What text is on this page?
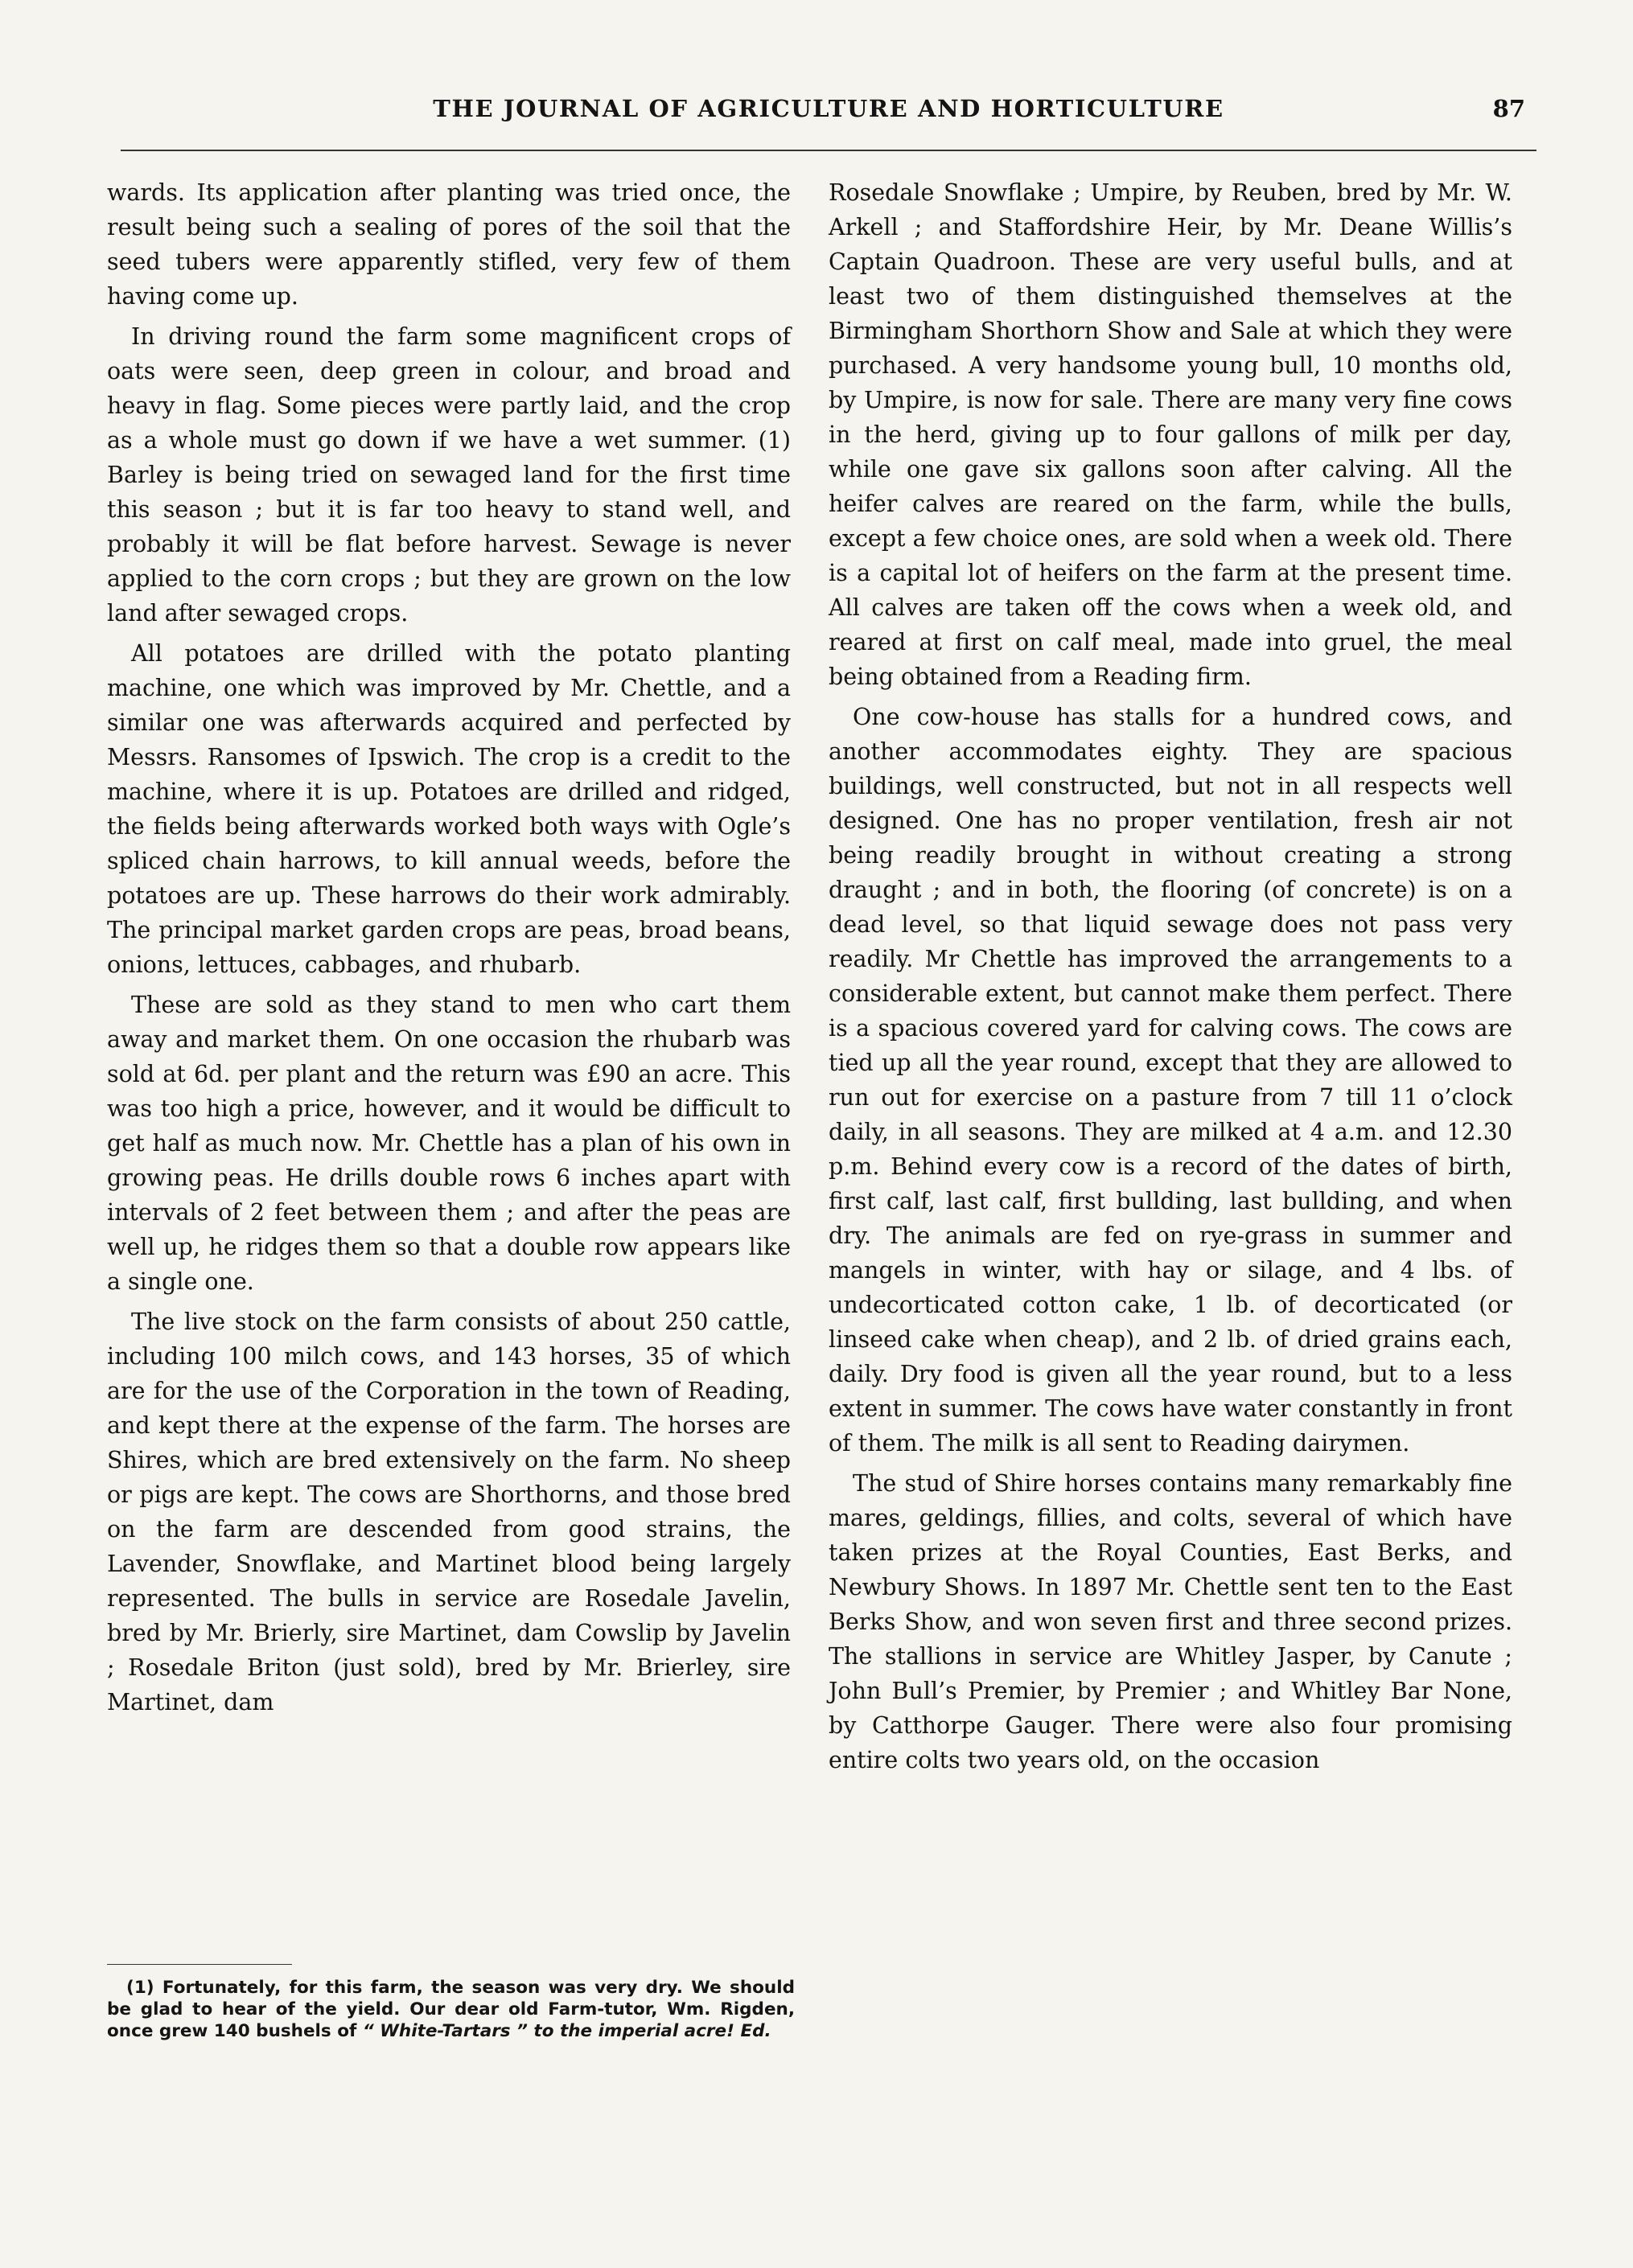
THE JOURNAL OF AGRICULTURE AND HORTICULTURE	87

wards. Its application after planting was tried once, the result being such a sealing of pores of the soil that the seed tubers were apparently stifled, very few of them having come up.

In driving round the farm some magnificent crops of oats were seen, deep green in colour, and broad and heavy in flag. Some pieces were partly laid, and the crop as a whole must go down if we have a wet summer. (1) Barley is being tried on sewaged land for the first time this season ; but it is far too heavy to stand well, and probably it will be flat before harvest. Sewage is never applied to the corn crops ; but they are grown on the low land after sewaged crops.

All potatoes are drilled with the potato planting machine, one which was improved by Mr. Chettle, and a similar one was afterwards acquired and perfected by Messrs. Ransomes of Ipswich. The crop is a credit to the machine, where it is up. Potatoes are drilled and ridged, the fields being afterwards worked both ways with Ogle’s spliced chain harrows, to kill annual weeds, before the potatoes are up. These harrows do their work admirably. The principal market garden crops are peas, broad beans, onions, lettuces, cabbages, and rhubarb.

These are sold as they stand to men who cart them away and market them. On one occasion the rhubarb was sold at 6d. per plant and the return was £90 an acre. This was too high a price, however, and it would be difficult to get half as much now. Mr. Chettle has a plan of his own in growing peas. He drills double rows 6 inches apart with intervals of 2 feet between them ; and after the peas are well up, he ridges them so that a double row appears like a single one.

The live stock on the farm consists of about 250 cattle, including 100 milch cows, and 143 horses, 35 of which are for the use of the Corporation in the town of Reading, and kept there at the expense of the farm. The horses are Shires, which are bred extensively on the farm. No sheep or pigs are kept. The cows are Shorthorns, and those bred on the farm are descended from good strains, the Lavender, Snowflake, and Martinet blood being largely represented. The bulls in service are Rosedale Javelin, bred by Mr. Brierly, sire Martinet, dam Cowslip by Javelin ; Rosedale Briton (just sold), bred by Mr. Brierley, sire Martinet, dam

Rosedale Snowflake ; Umpire, by Reuben, bred by Mr. W. Arkell ; and Staffordshire Heir, by Mr. Deane Willis’s Captain Quadroon. These are very useful bulls, and at least two of them distinguished themselves at the Birmingham Shorthorn Show and Sale at which they were purchased. A very handsome young bull, 10 months old, by Umpire, is now for sale. There are many very fine cows in the herd, giving up to four gallons of milk per day, while one gave six gallons soon after calving. All the heifer calves are reared on the farm, while the bulls, except a few choice ones, are sold when a week old. There is a capital lot of heifers on the farm at the present time. All calves are taken off the cows when a week old, and reared at first on calf meal, made into gruel, the meal being obtained from a Reading firm.

One cow-house has stalls for a hundred cows, and another accommodates eighty. They are spacious buildings, well constructed, but not in all respects well designed. One has no proper ventilation, fresh air not being readily brought in without creating a strong draught ; and in both, the flooring (of concrete) is on a dead level, so that liquid sewage does not pass very readily. Mr Chettle has improved the arrangements to a considerable extent, but cannot make them perfect. There is a spacious covered yard for calving cows. The cows are tied up all the year round, except that they are allowed to run out for exercise on a pasture from 7 till 11 o’clock daily, in all seasons. They are milked at 4 a.m. and 12.30 p.m. Behind every cow is a record of the dates of birth, first calf, last calf, first bullding, last bullding, and when dry. The animals are fed on rye-grass in summer and mangels in winter, with hay or silage, and 4 lbs. of undecorticated cotton cake, 1 lb. of decorticated (or linseed cake when cheap), and 2 lb. of dried grains each, daily. Dry food is given all the year round, but to a less extent in summer. The cows have water constantly in front of them. The milk is all sent to Reading dairymen.

The stud of Shire horses contains many remarkably fine mares, geldings, fillies, and colts, several of which have taken prizes at the Royal Counties, East Berks, and Newbury Shows. In 1897 Mr. Chettle sent ten to the East Berks Show, and won seven first and three second prizes. The stallions in service are Whitley Jasper, by Canute ; John Bull’s Premier, by Premier ; and Whitley Bar None, by Catthorpe Gauger. There were also four promising entire colts two years old, on the occasion

(1) Fortunately, for this farm, the season was very dry. We should be glad to hear of the yield. Our dear old Farm-tutor, Wm. Rigden, once grew 140 bushels of “ White-Tartars ” to the imperial acre! Ed.
